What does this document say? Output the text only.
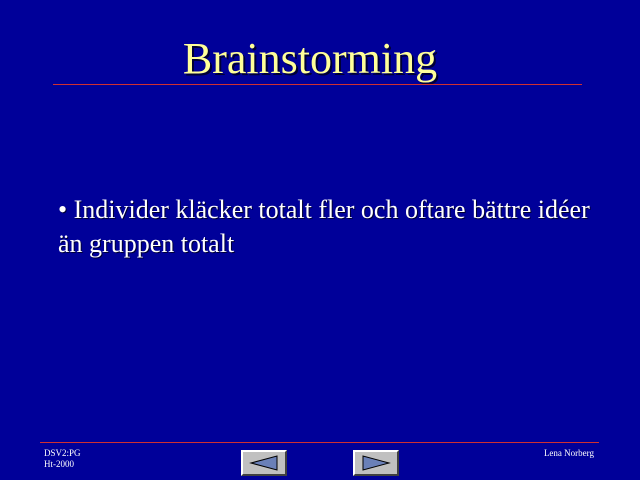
Brainstorming
• Individer kläcker totalt fler och oftare bättre idéer än gruppen totalt
DSV2:PG
Ht-2000
Lena Norberg
